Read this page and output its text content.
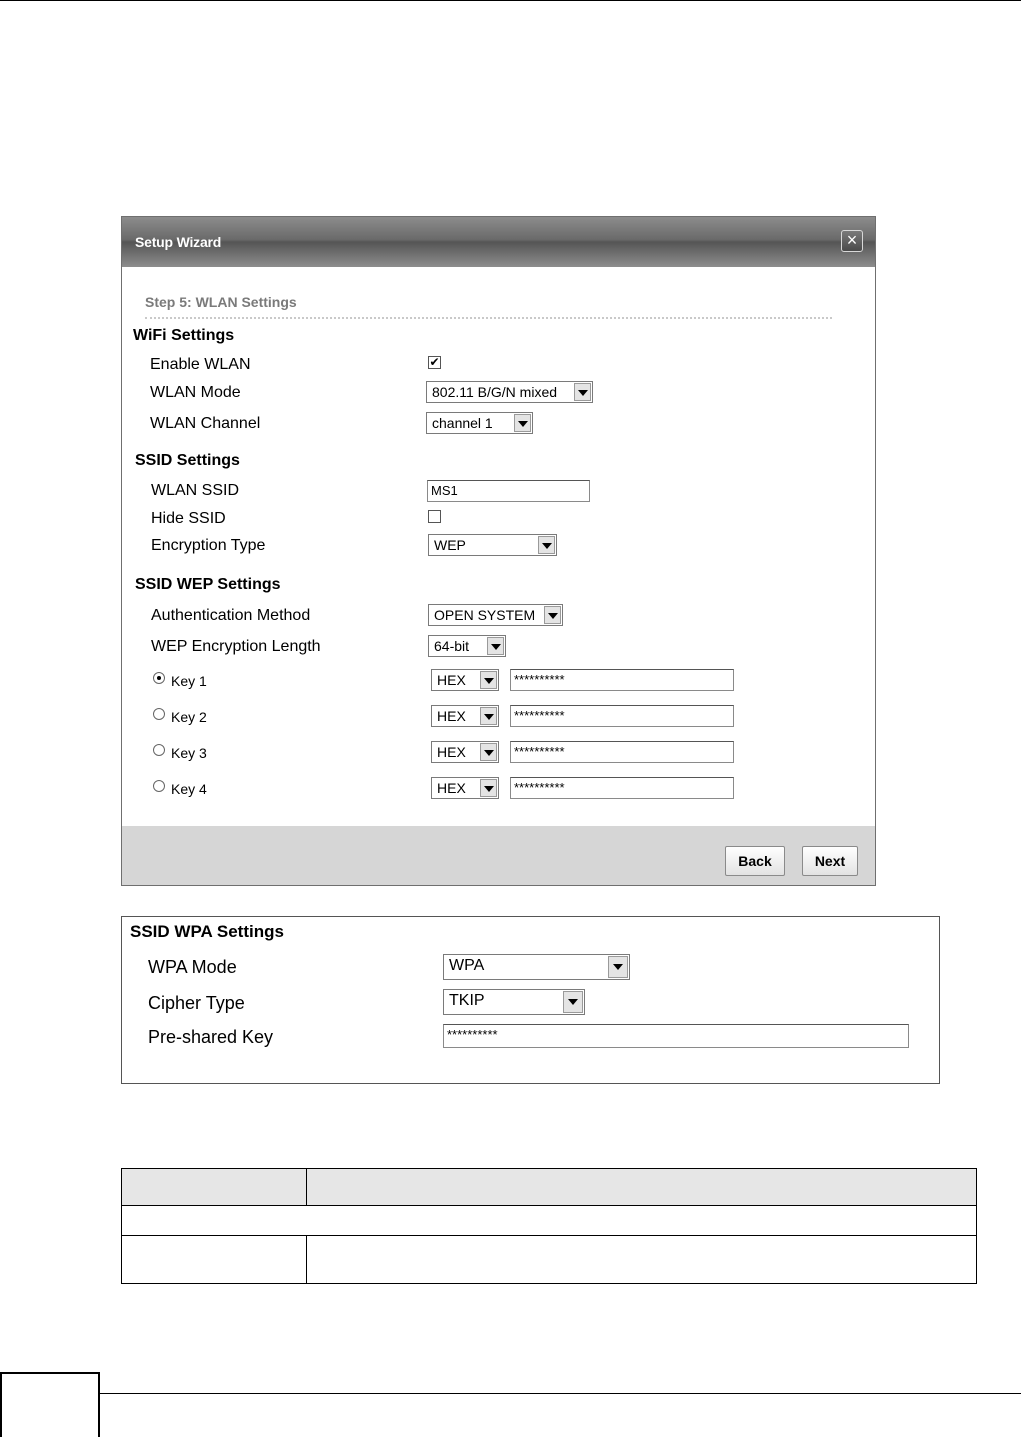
Setup Wizard	×
Step 5: WLAN Settings
WiFi Settings
Enable WLAN	✔
WLAN Mode	802.11 B/G/N mixed
WLAN Channel	channel 1
SSID Settings
WLAN SSID	MS1
Hide SSID
Encryption Type	WEP
SSID WEP Settings
Authentication Method	OPEN SYSTEM
WEP Encryption Length	64-bit
Key 1	HEX	**********
Key 2	HEX	**********
Key 3	HEX	**********
Key 4	HEX	**********
Back	Next
SSID WPA Settings
WPA Mode	WPA
Cipher Type	TKIP
Pre-shared Key	**********
